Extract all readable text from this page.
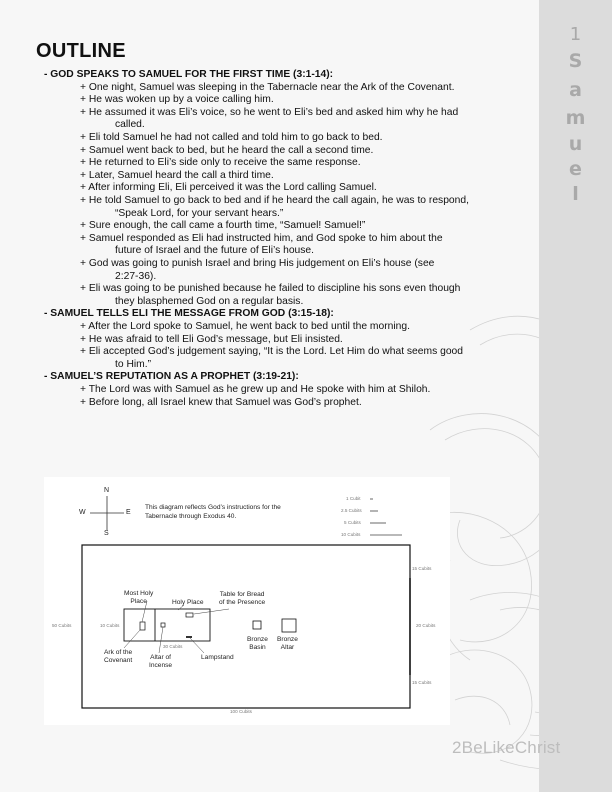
1
S
a
m
u
e
l
OUTLINE
- GOD SPEAKS TO SAMUEL FOR THE FIRST TIME (3:1-14):
+ One night, Samuel was sleeping in the Tabernacle near the Ark of the Covenant.
+ He was woken up by a voice calling him.
+ He assumed it was Eli’s voice, so he went to Eli’s bed and asked him why he had
called.
+ Eli told Samuel he had not called and told him to go back to bed.
+ Samuel went back to bed, but he heard the call a second time.
+ He returned to Eli’s side only to receive the same response.
+ Later, Samuel heard the call a third time.
+ After informing Eli, Eli perceived it was the Lord calling Samuel.
+ He told Samuel to go back to bed and if he heard the call again, he was to respond,
“Speak Lord, for your servant hears.”
+ Sure enough, the call came a fourth time, “Samuel! Samuel!”
+ Samuel responded as Eli had instructed him, and God spoke to him about the
future of Israel and the future of Eli’s house.
+ God was going to punish Israel and bring His judgement on Eli’s house (see
2:27-36).
+ Eli was going to be punished because he failed to discipline his sons even though
they blasphemed God on a regular basis.
- SAMUEL TELLS ELI THE MESSAGE FROM GOD (3:15-18):
+ After the Lord spoke to Samuel, he went back to bed until the morning.
+ He was afraid to tell Eli God’s message, but Eli insisted.
+ Eli accepted God’s judgement saying, “It is the Lord. Let Him do what seems good
to Him.”
- SAMUEL’S REPUTATION AS A PROPHET (3:19-21):
+ The Lord was with Samuel as he grew up and He spoke with him at Shiloh.
+ Before long, all Israel knew that Samuel was God’s prophet.
N
S
E
W
This diagram reflects God’s instructions for the
Tabernacle through Exodus 40.
1 Cubit
2.5 Cubits
5 Cubits
10 Cubits
15 Cubits
20 Cubits
15 Cubits
50 Cubits	10 Cubits
30 Cubits
100 Cubits
Most Holy
Place	Holy Place
Table for Bread
of the Presence
Ark of the
Covenant	Altar of
Incense
Lampstand
Bronze
Basin
Bronze
Altar
2BeLikeChrist
